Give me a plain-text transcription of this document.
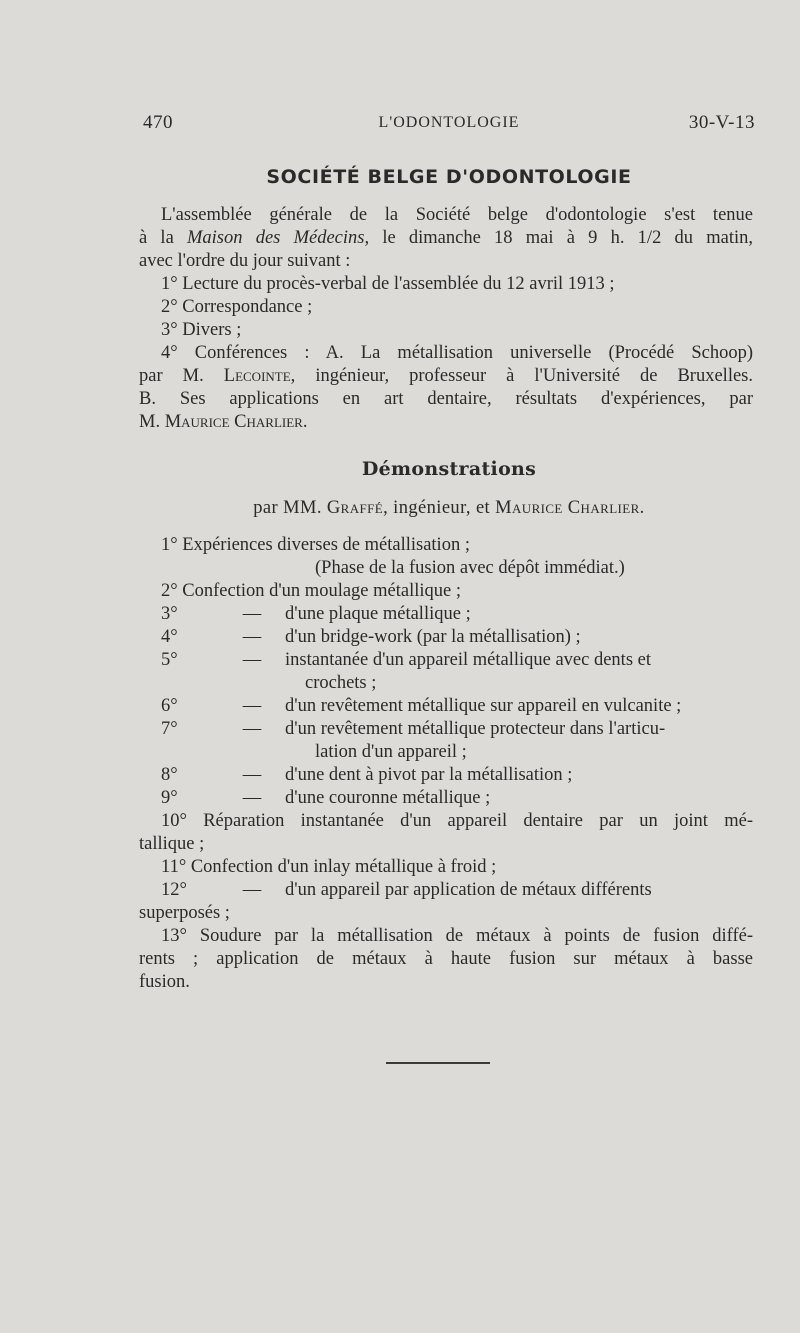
470	L'ODONTOLOGIE	30-V-13
SOCIÉTÉ BELGE D'ODONTOLOGIE
L'assemblée générale de la Société belge d'odontologie s'est tenue
à la Maison des Médecins, le dimanche 18 mai à 9 h. 1/2 du matin,
avec l'ordre du jour suivant :
1° Lecture du procès-verbal de l'assemblée du 12 avril 1913 ;
2° Correspondance ;
3° Divers ;
4° Conférences : A. La métallisation universelle (Procédé Schoop)
par M. Lecointe, ingénieur, professeur à l'Université de Bruxelles.
B. Ses applications en art dentaire, résultats d'expériences, par
M. Maurice Charlier.
Démonstrations
par MM. Graffé, ingénieur, et Maurice Charlier.
1° Expériences diverses de métallisation ;
(Phase de la fusion avec dépôt immédiat.)
2° Confection d'un moulage métallique ;
3°	— d'une plaque métallique ;
4°	— d'un bridge-work (par la métallisation) ;
5°	— instantanée d'un appareil métallique avec dents et
crochets ;
6°	— d'un revêtement métallique sur appareil en vulcanite ;
7°	— d'un revêtement métallique protecteur dans l'articu-
lation d'un appareil ;
8°	— d'une dent à pivot par la métallisation ;
9°	— d'une couronne métallique ;
10° Réparation instantanée d'un appareil dentaire par un joint mé-
tallique ;
11° Confection d'un inlay métallique à froid ;
12°	— d'un appareil par application de métaux différents
superposés ;
13° Soudure par la métallisation de métaux à points de fusion diffé-
rents ; application de métaux à haute fusion sur métaux à basse
fusion.
